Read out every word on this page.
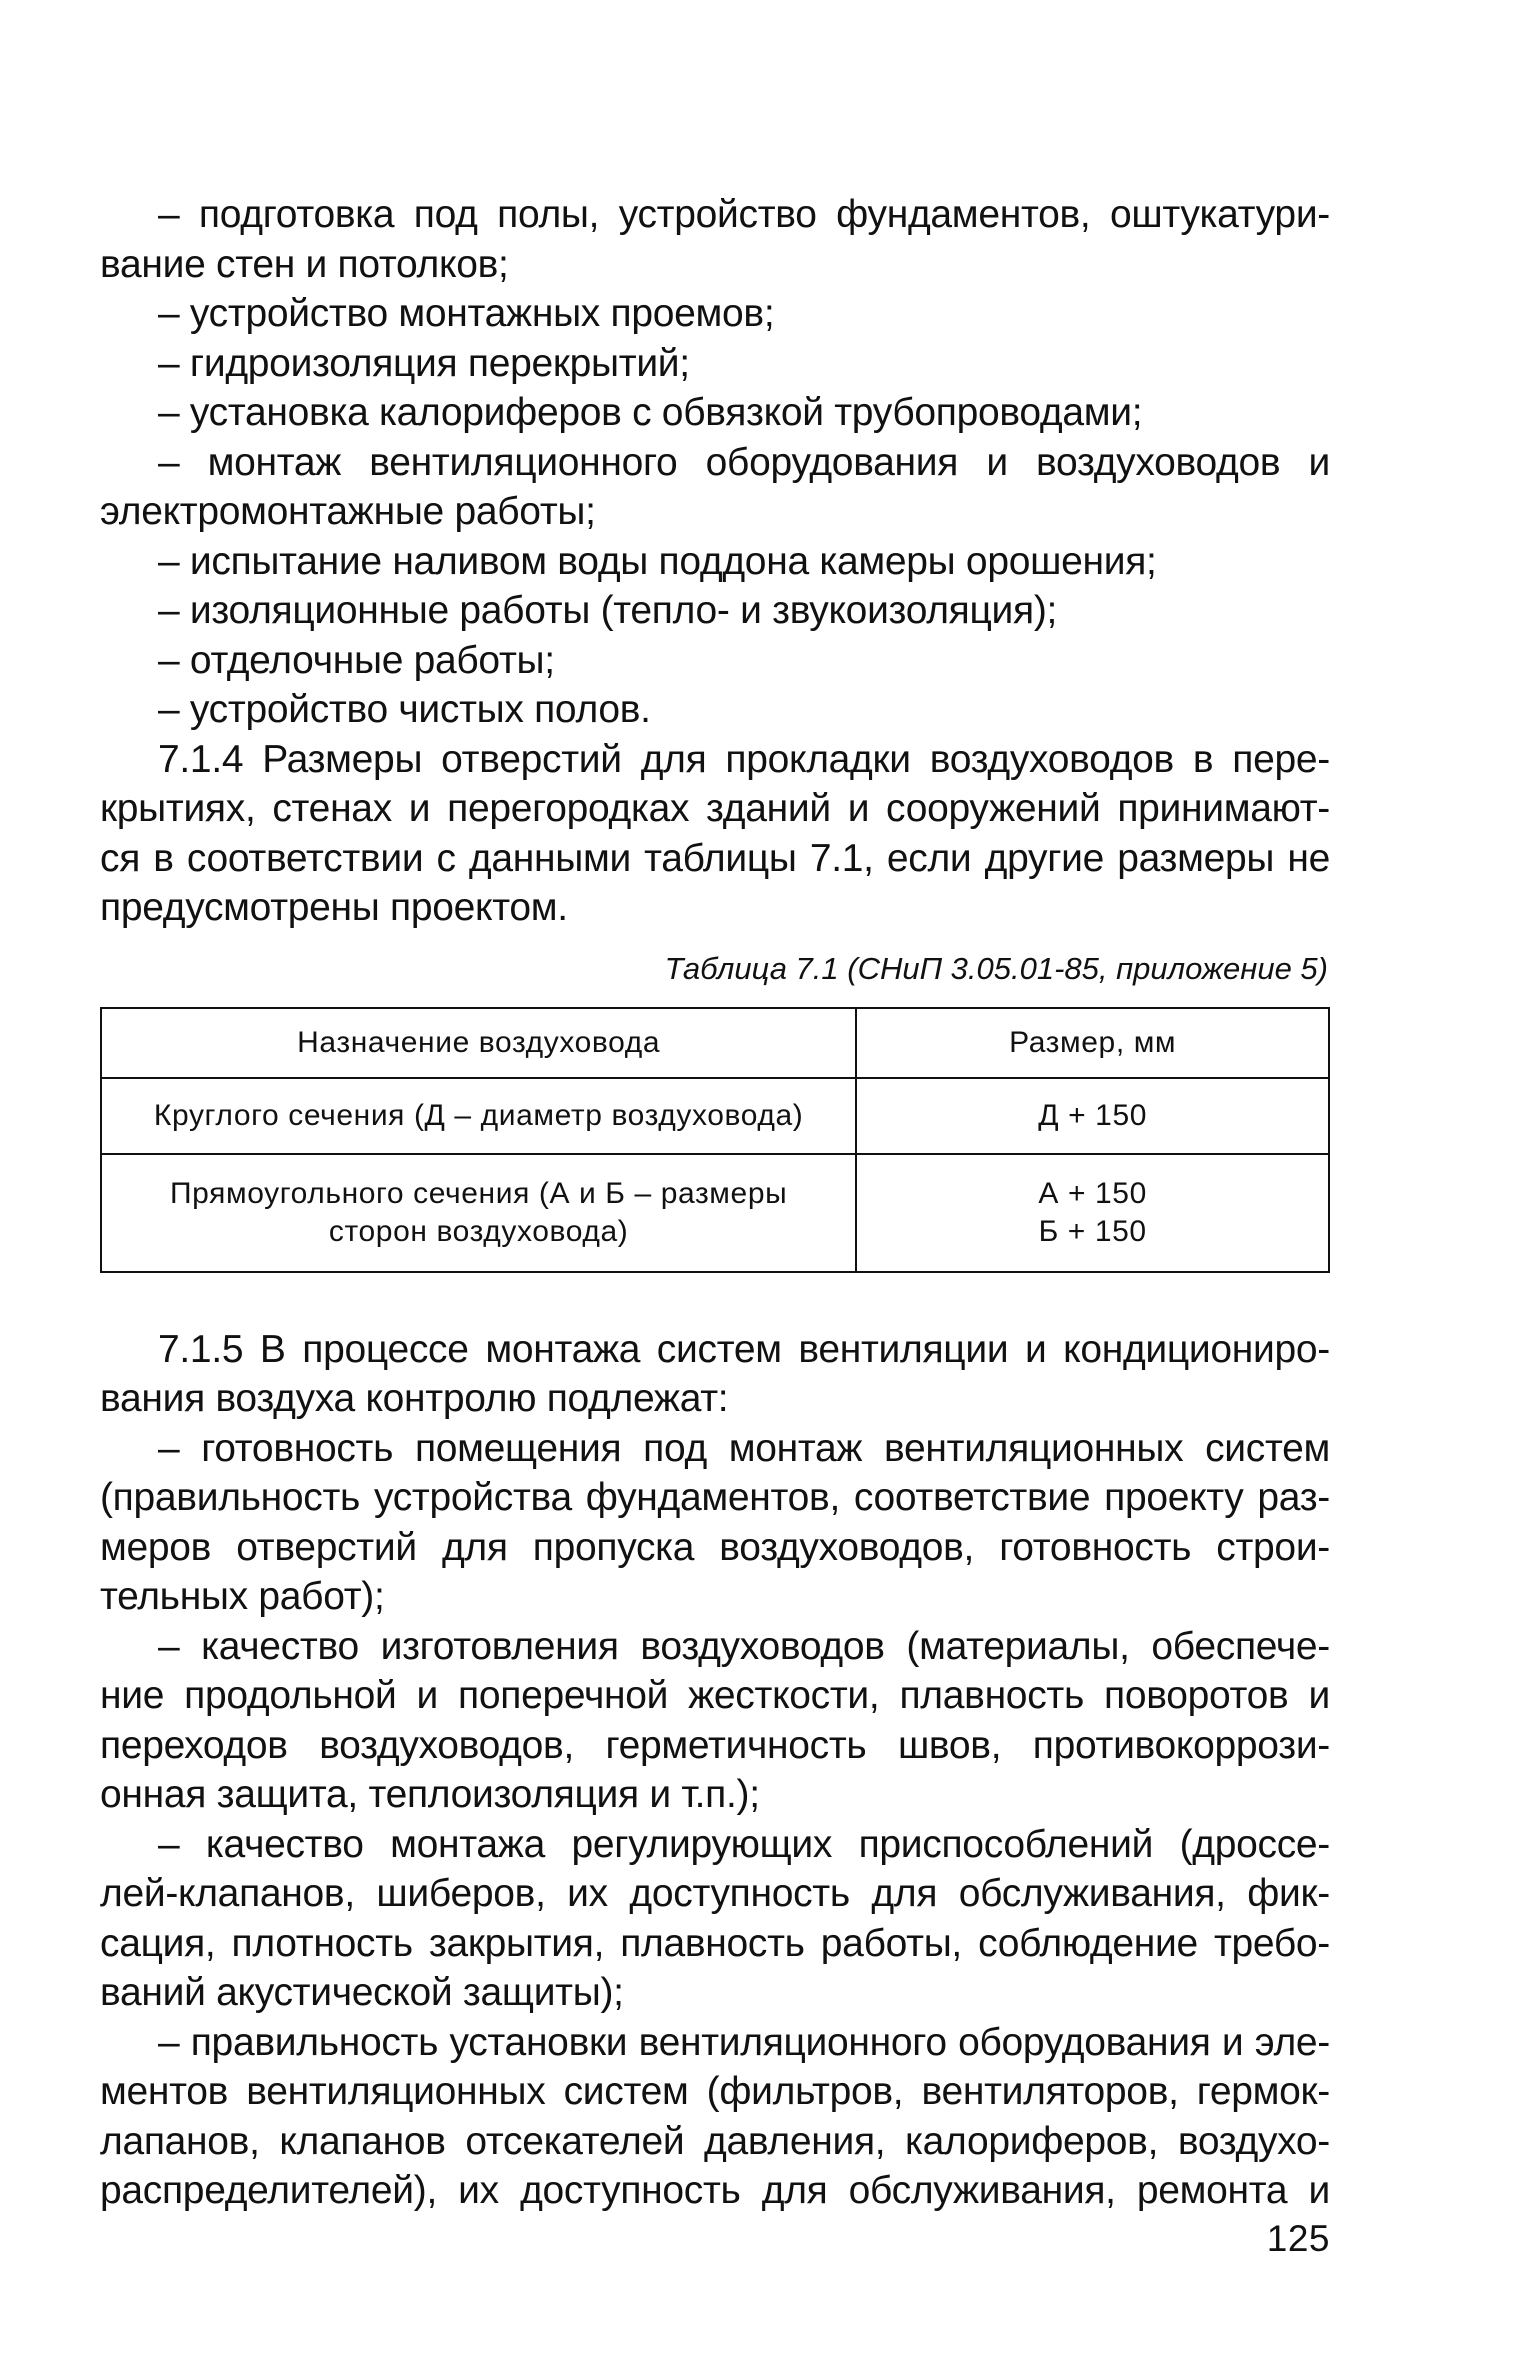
– подготовка под полы, устройство фундаментов, оштукатури-
вание стен и потолков;
– устройство монтажных проемов;
– гидроизоляция перекрытий;
– установка калориферов с обвязкой трубопроводами;
– монтаж вентиляционного оборудования и воздуховодов и
электромонтажные работы;
– испытание наливом воды поддона камеры орошения;
– изоляционные работы (тепло- и звукоизоляция);
– отделочные работы;
– устройство чистых полов.
7.1.4 Размеры отверстий для прокладки воздуховодов в пере-
крытиях, стенах и перегородках зданий и сооружений принимают-
ся в соответствии с данными таблицы 7.1, если другие размеры не
предусмотрены проектом.
Таблица 7.1 (СНиП 3.05.01-85, приложение 5)
Назначение воздуховода	Размер, мм

Круглого сечения (Д – диаметр воздуховода)	Д + 150

Прямоугольного сечения (А и Б – размеры
сторон воздуховода)	А + 150
Б + 150
7.1.5 В процессе монтажа систем вентиляции и кондициониро-
вания воздуха контролю подлежат:
– готовность помещения под монтаж вентиляционных систем
(правильность устройства фундаментов, соответствие проекту раз-
меров отверстий для пропуска воздуховодов, готовность строи-
тельных работ);
– качество изготовления воздуховодов (материалы, обеспече-
ние продольной и поперечной жесткости, плавность поворотов и
переходов воздуховодов, герметичность швов, противокоррози-
онная защита, теплоизоляция и т.п.);
– качество монтажа регулирующих приспособлений (дроссе-
лей-клапанов, шиберов, их доступность для обслуживания, фик-
сация, плотность закрытия, плавность работы, соблюдение требо-
ваний акустической защиты);
– правильность установки вентиляционного оборудования и эле-
ментов вентиляционных систем (фильтров, вентиляторов, гермок-
лапанов, клапанов отсекателей давления, калориферов, воздухо-
распределителей), их доступность для обслуживания, ремонта и
125
